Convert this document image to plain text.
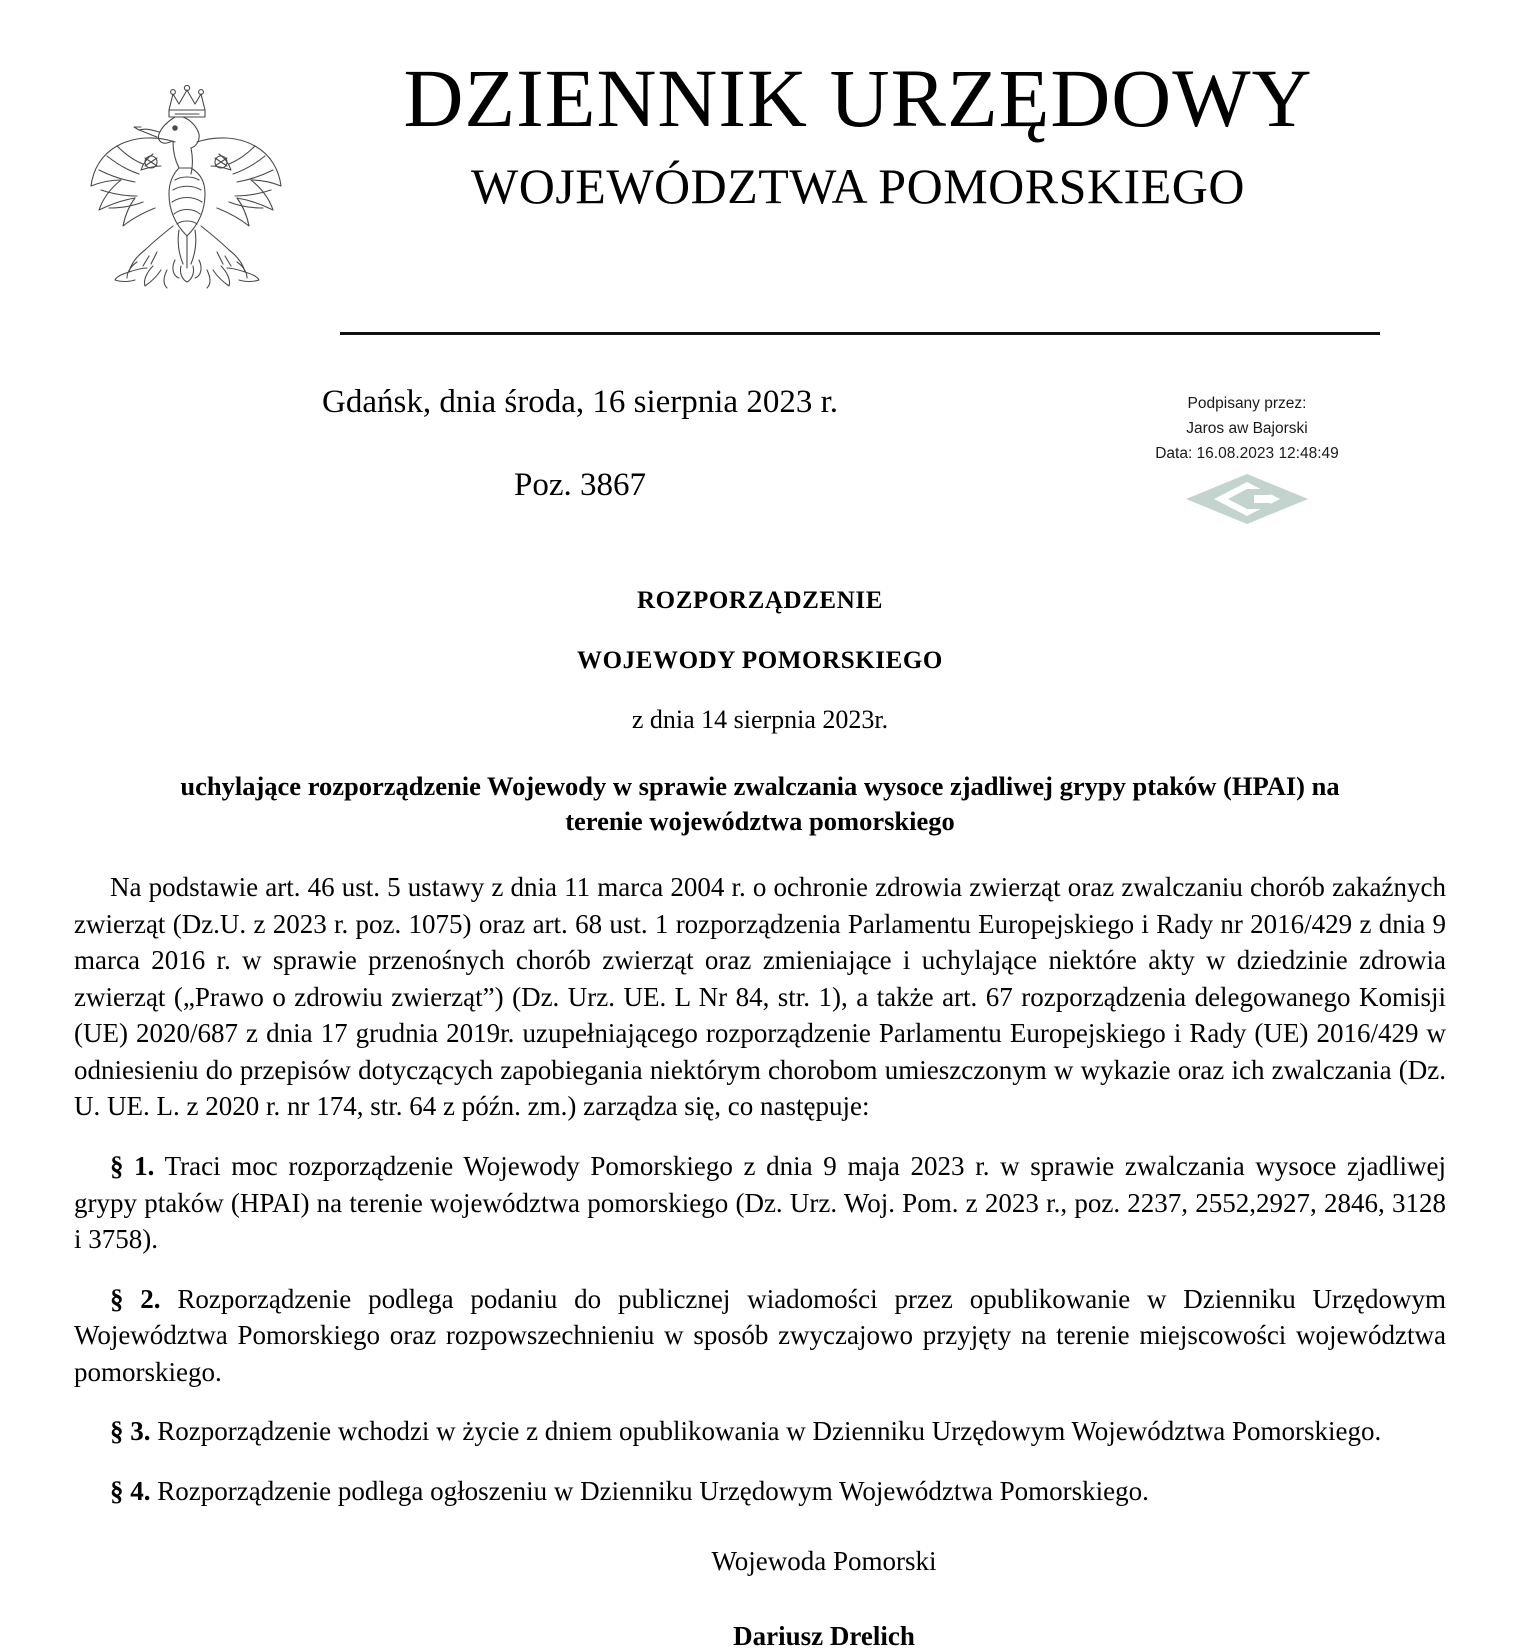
DZIENNIK URZĘDOWY
WOJEWÓDZTWA POMORSKIEGO
Gdańsk, dnia środa, 16 sierpnia 2023 r.
Poz. 3867
Podpisany przez:
Jaros aw Bajorski
Data: 16.08.2023 12:48:49
ROZPORZĄDZENIE
WOJEWODY POMORSKIEGO
z dnia 14 sierpnia 2023r.
uchylające rozporządzenie Wojewody w sprawie zwalczania wysoce zjadliwej grypy ptaków (HPAI) na terenie województwa pomorskiego

Na podstawie art. 46 ust. 5 ustawy z dnia 11 marca 2004 r. o ochronie zdrowia zwierząt oraz zwalczaniu chorób zakaźnych zwierząt (Dz.U. z 2023 r. poz. 1075) oraz art. 68 ust. 1 rozporządzenia Parlamentu Europejskiego i Rady nr 2016/429 z dnia 9 marca 2016 r. w sprawie przenośnych chorób zwierząt oraz zmieniające i uchylające niektóre akty w dziedzinie zdrowia zwierząt („Prawo o zdrowiu zwierząt”) (Dz. Urz. UE. L Nr 84, str. 1), a także art. 67 rozporządzenia delegowanego Komisji (UE) 2020/687 z dnia 17 grudnia 2019r. uzupełniającego rozporządzenie Parlamentu Europejskiego i Rady (UE) 2016/429 w odniesieniu do przepisów dotyczących zapobiegania niektórym chorobom umieszczonym w wykazie oraz ich zwalczania (Dz. U. UE. L. z 2020 r. nr 174, str. 64 z późn. zm.) zarządza się, co następuje:

§ 1. Traci moc rozporządzenie Wojewody Pomorskiego z dnia 9 maja 2023 r. w sprawie zwalczania wysoce zjadliwej grypy ptaków (HPAI) na terenie województwa pomorskiego (Dz. Urz. Woj. Pom. z 2023 r., poz. 2237, 2552,2927, 2846, 3128 i 3758).

§ 2. Rozporządzenie podlega podaniu do publicznej wiadomości przez opublikowanie w Dzienniku Urzędowym Województwa Pomorskiego oraz rozpowszechnieniu w sposób zwyczajowo przyjęty na terenie miejscowości województwa pomorskiego.

§ 3. Rozporządzenie wchodzi w życie z dniem opublikowania w Dzienniku Urzędowym Województwa Pomorskiego.

§ 4. Rozporządzenie podlega ogłoszeniu w Dzienniku Urzędowym Województwa Pomorskiego.

Wojewoda Pomorski
Dariusz Drelich
